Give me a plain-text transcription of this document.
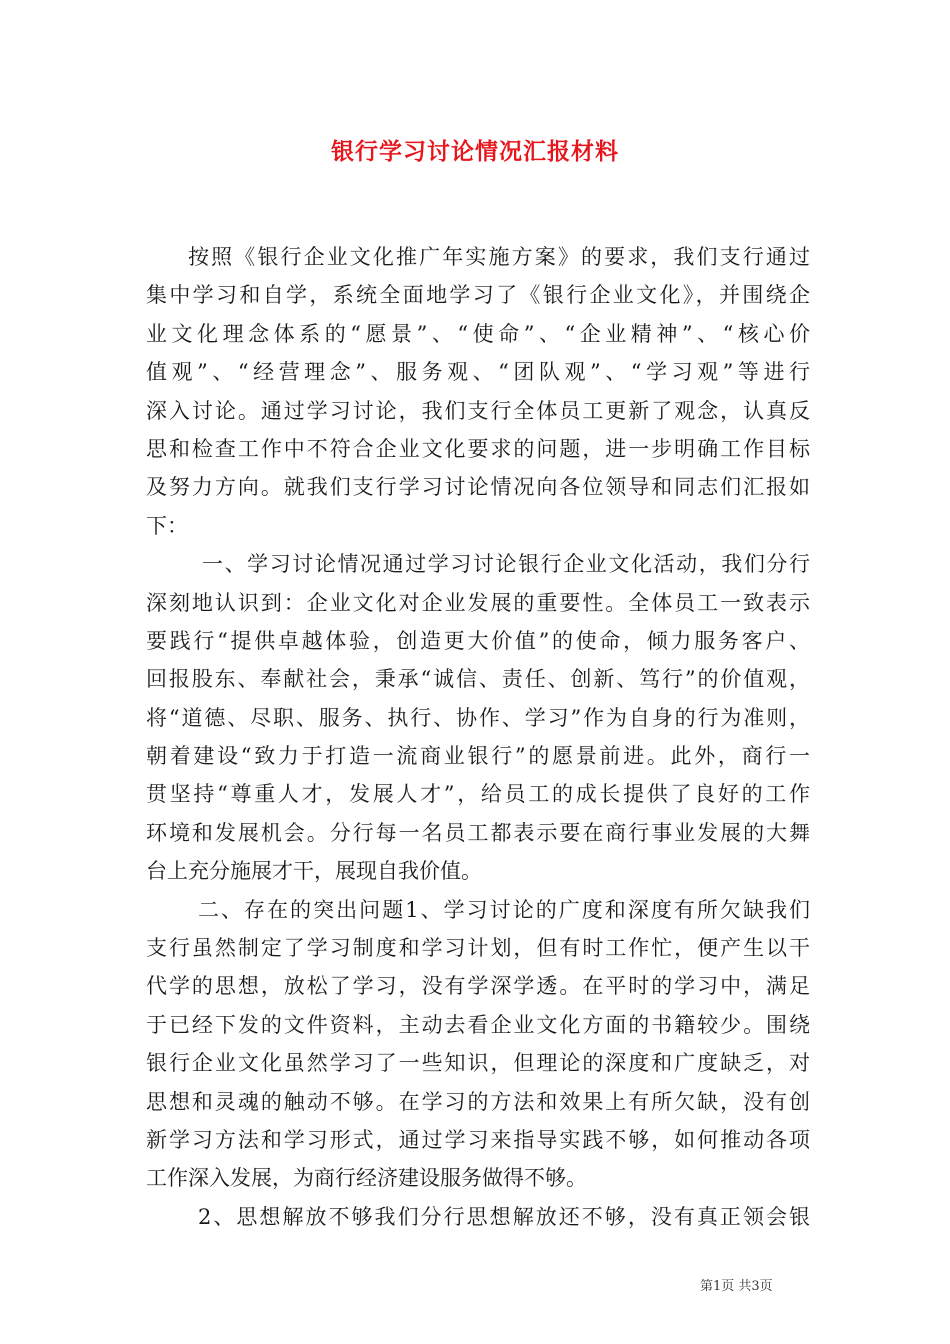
银行学习讨论情况汇报材料
按照《银行企业文化推广年实施方案》的要求，我们支行通过
集中学习和自学，系统全面地学习了《银行企业文化》，并围绕企
业文化理念体系的“愿景”、“使命”、“企业精神”、“核心价
值观”、“经营理念”、服务观、“团队观”、“学习观”等进行
深入讨论。通过学习讨论，我们支行全体员工更新了观念，认真反
思和检查工作中不符合企业文化要求的问题，进一步明确工作目标
及努力方向。就我们支行学习讨论情况向各位领导和同志们汇报如
下：
一、学习讨论情况通过学习讨论银行企业文化活动，我们分行
深刻地认识到：企业文化对企业发展的重要性。全体员工一致表示
要践行“提供卓越体验，创造更大价值”的使命，倾力服务客户、
回报股东、奉献社会，秉承“诚信、责任、创新、笃行”的价值观，
将“道德、尽职、服务、执行、协作、学习”作为自身的行为准则，
朝着建设“致力于打造一流商业银行”的愿景前进。此外，商行一
贯坚持“尊重人才，发展人才”，给员工的成长提供了良好的工作
环境和发展机会。分行每一名员工都表示要在商行事业发展的大舞
台上充分施展才干，展现自我价值。
二、存在的突出问题1、学习讨论的广度和深度有所欠缺我们
支行虽然制定了学习制度和学习计划，但有时工作忙，便产生以干
代学的思想，放松了学习，没有学深学透。在平时的学习中，满足
于已经下发的文件资料，主动去看企业文化方面的书籍较少。围绕
银行企业文化虽然学习了一些知识，但理论的深度和广度缺乏，对
思想和灵魂的触动不够。在学习的方法和效果上有所欠缺，没有创
新学习方法和学习形式，通过学习来指导实践不够，如何推动各项
工作深入发展，为商行经济建设服务做得不够。
2、思想解放不够我们分行思想解放还不够，没有真正领会银
第1页 共3页
